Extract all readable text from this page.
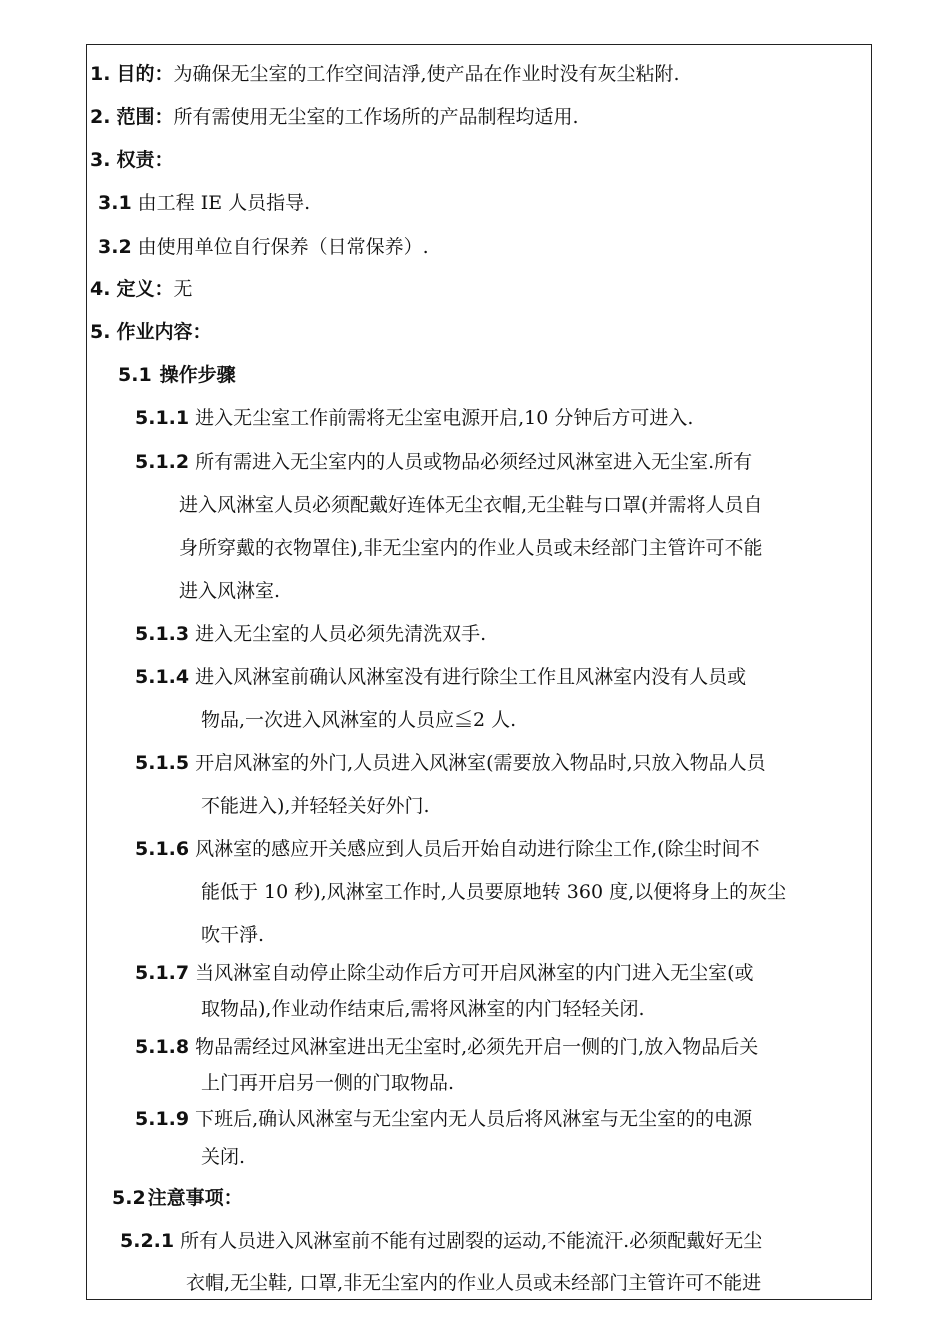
1. 目的：为确保无尘室的工作空间洁淨,使产品在作业时没有灰尘粘附.
2. 范围：所有需使用无尘室的工作场所的产品制程均适用.
3. 权责：
3.1 由工程 IE 人员指导.
3.2 由使用单位自行保养（日常保养）.
4. 定义：无
5. 作业内容：
5.1 操作步骤
5.1.1 进入无尘室工作前需将无尘室电源开启,10 分钟后方可进入.
5.1.2 所有需进入无尘室内的人员或物品必须经过风淋室进入无尘室.所有
进入风淋室人员必须配戴好连体无尘衣帽,无尘鞋与口罩(并需将人员自
身所穿戴的衣物罩住),非无尘室内的作业人员或未经部门主管许可不能
进入风淋室.
5.1.3 进入无尘室的人员必须先清洗双手.
5.1.4 进入风淋室前确认风淋室没有进行除尘工作且风淋室内没有人员或
物品,一次进入风淋室的人员应≦2 人.
5.1.5 开启风淋室的外门,人员进入风淋室(需要放入物品时,只放入物品人员
不能进入),并轻轻关好外门.
5.1.6 风淋室的感应开关感应到人员后开始自动进行除尘工作,(除尘时间不
能低于 10 秒),风淋室工作时,人员要原地转 360 度,以便将身上的灰尘
吹干淨.
5.1.7 当风淋室自动停止除尘动作后方可开启风淋室的内门进入无尘室(或
取物品),作业动作结束后,需将风淋室的内门轻轻关闭.
5.1.8 物品需经过风淋室进出无尘室时,必须先开启一侧的门,放入物品后关
上门再开启另一侧的门取物品.
5.1.9 下班后,确认风淋室与无尘室内无人员后将风淋室与无尘室的的电源
关闭.
5.2 注意事项：
5.2.1 所有人员进入风淋室前不能有过剧裂的运动,不能流汗.必须配戴好无尘
衣帽,无尘鞋, 口罩,非无尘室内的作业人员或未经部门主管许可不能进
